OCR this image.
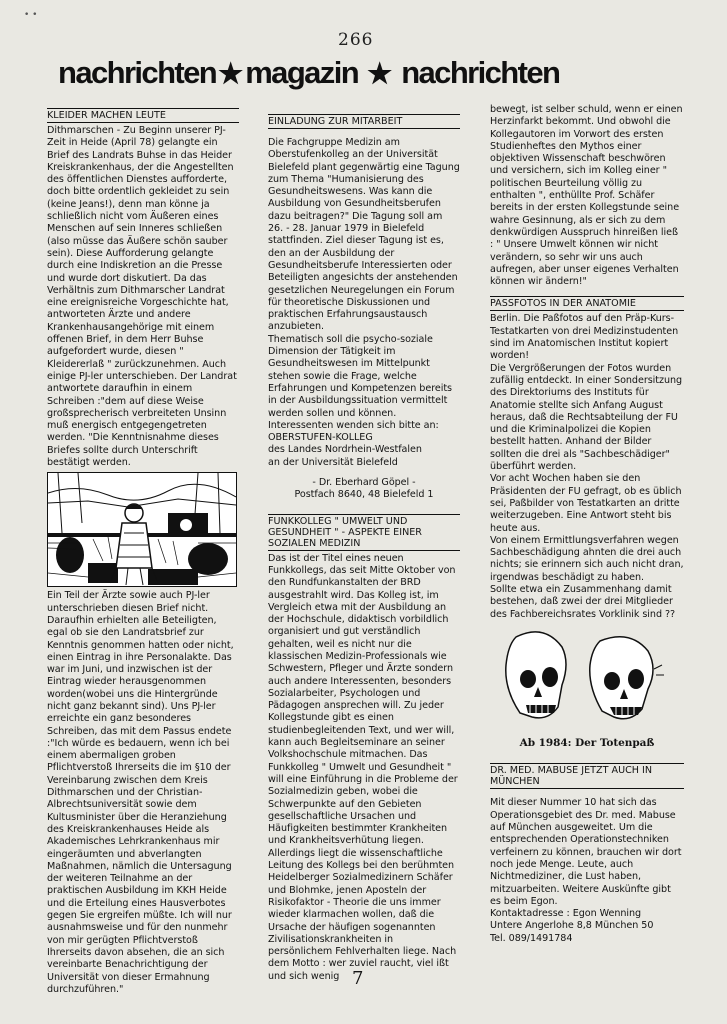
• •
266
nachrichten★magazin ★ nachrichten
KLEIDER MACHEN LEUTE
Dithmarschen - Zu Beginn unserer PJ- Zeit in Heide (April 78) gelangte ein Brief des Landrats Buhse in das Heider Kreiskrankenhaus, der die Angestellten des öffentlichen Dienstes aufforderte, doch bitte ordentlich gekleidet zu sein (keine Jeans!), denn man könne ja schließlich nicht vom Äußeren eines Menschen auf sein Inneres schließen (also müsse das Äußere schön sauber sein). Diese Aufforderung gelangte durch eine Indiskretion an die Presse und wurde dort diskutiert. Da das Verhältnis zum Dithmarscher Landrat eine ereignisreiche Vorgeschichte hat, antworteten Ärzte und andere Krankenhausangehörige mit einem offenen Brief, in dem Herr Buhse aufgefordert wurde, diesen " Kleidererlaß " zurückzunehmen. Auch einige PJ-ler unterschieben. Der Landrat antwortete daraufhin in einem Schreiben :"dem auf diese Weise großsprecherisch verbreiteten Unsinn muß energisch entgegengetreten werden. "Die Kenntnisnahme dieses Briefes sollte durch Unterschrift bestätigt werden.
Ein Teil der Ärzte sowie auch PJ-ler unterschrieben diesen Brief nicht. Daraufhin erhielten alle Beteiligten, egal ob sie den Landratsbrief zur Kenntnis genommen hatten oder nicht, einen Eintrag in ihre Personalakte. Das war im Juni, und inzwischen ist der Eintrag wieder herausgenommen worden(wobei uns die Hintergründe nicht ganz bekannt sind). Uns PJ-ler erreichte ein ganz besonderes Schreiben, das mit dem Passus endete :"Ich würde es bedauern, wenn ich bei einem abermaligen groben Pflichtverstoß Ihrerseits die im §10 der Vereinbarung zwischen dem Kreis Dithmarschen und der Christian-Albrechtsuniversität sowie dem Kultusminister über die Heranziehung des Kreiskrankenhauses Heide als Akademisches Lehrkrankenhaus mir eingeräumten und abverlangten Maßnahmen, nämlich die Untersagung der weiteren Teilnahme an der praktischen Ausbildung im KKH Heide und die Erteilung eines Hausverbotes gegen Sie ergreifen müßte. Ich will nur ausnahmsweise und für den nunmehr von mir gerügten Pflichtverstoß Ihrerseits davon absehen, die an sich vereinbarte Benachrichtigung der Universität von dieser Ermahnung durchzuführen."
EINLADUNG ZUR MITARBEIT
Die Fachgruppe Medizin am Oberstufenkolleg an der Universität Bielefeld plant gegenwärtig eine Tagung zum Thema "Humanisierung des Gesundheitswesens. Was kann die Ausbildung von Gesundheitsberufen dazu beitragen?" Die Tagung soll am 26. - 28. Januar 1979 in Bielefeld stattfinden. Ziel dieser Tagung ist es, den an der Ausbildung der Gesundheitsberufe Interessierten oder Beteiligten angesichts der anstehenden gesetzlichen Neuregelungen ein Forum für theoretische Diskussionen und praktischen Erfahrungsaustausch anzubieten.
Thematisch soll die psycho-soziale Dimension der Tätigkeit im Gesundheitswesen im Mittelpunkt stehen sowie die Frage, welche Erfahrungen und Kompetenzen bereits in der Ausbildungssituation vermittelt werden sollen und können.
Interessenten wenden sich bitte an:
OBERSTUFEN-KOLLEG
des Landes Nordrhein-Westfalen
an der Universität Bielefeld
- Dr. Eberhard Göpel -
Postfach 8640, 48 Bielefeld 1
FUNKKOLLEG " UMWELT UND GESUNDHEIT " - ASPEKTE EINER SOZIALEN MEDIZIN
Das ist der Titel eines neuen Funkkollegs, das seit Mitte Oktober von den Rundfunkanstalten der BRD ausgestrahlt wird. Das Kolleg ist, im Vergleich etwa mit der Ausbildung an der Hochschule, didaktisch vorbildlich organisiert und gut verständlich gehalten, weil es nicht nur die klassischen Medizin-Professionals wie Schwestern, Pfleger und Ärzte sondern auch andere Interessenten, besonders Sozialarbeiter, Psychologen und Pädagogen ansprechen will. Zu jeder Kollegstunde gibt es einen studienbegleitenden Text, und wer will, kann auch Begleitseminare an seiner Volkshochschule mitmachen. Das Funkkolleg " Umwelt und Gesundheit " will eine Einführung in die Probleme der Sozialmedizin geben, wobei die Schwerpunkte auf den Gebieten gesellschaftliche Ursachen und Häufigkeiten bestimmter Krankheiten und Krankheitsverhütung liegen. Allerdings liegt die wissenschaftliche Leitung des Kollegs bei den berühmten Heidelberger Sozialmedizinern Schäfer und Blohmke, jenen Aposteln der Risikofaktor - Theorie die uns immer wieder klarmachen wollen, daß die Ursache der häufigen sogenannten Zivilisationskrankheiten in persönlichem Fehlverhalten liege. Nach dem Motto : wer zuviel raucht, viel ißt und sich wenig
bewegt, ist selber schuld, wenn er einen Herzinfarkt bekommt. Und obwohl die Kollegautoren im Vorwort des ersten Studienheftes den Mythos einer objektiven Wissenschaft beschwören und versichern, sich im Kolleg einer " politischen Beurteilung völlig zu enthalten ", enthüllte Prof. Schäfer bereits in der ersten Kollegstunde seine wahre Gesinnung, als er sich zu dem denkwürdigen Ausspruch hinreißen ließ : " Unsere Umwelt können wir nicht verändern, so sehr wir uns auch aufregen, aber unser eigenes Verhalten können wir ändern!"
PASSFOTOS IN DER ANATOMIE
Berlin. Die Paßfotos auf den Präp-Kurs-Testatkarten von drei Medizinstudenten sind im Anatomischen Institut kopiert worden!
Die Vergrößerungen der Fotos wurden zufällig entdeckt. In einer Sondersitzung des Direktoriums des Instituts für Anatomie stellte sich Anfang August heraus, daß die Rechtsabteilung der FU und die Kriminalpolizei die Kopien bestellt hatten. Anhand der Bilder sollten die drei als "Sachbeschädiger" überführt werden.
Vor acht Wochen haben sie den Präsidenten der FU gefragt, ob es üblich sei, Paßbilder von Testatkarten an dritte weiterzugeben. Eine Antwort steht bis heute aus.
Von einem Ermittlungsverfahren wegen Sachbeschädigung ahnten die drei auch nichts; sie erinnern sich auch nicht dran, irgendwas beschädigt zu haben.
Sollte etwa ein Zusammenhang damit bestehen, daß zwei der drei Mitglieder des Fachbereichsrates Vorklinik sind ??
Ab 1984: Der Totenpaß
DR. MED. MABUSE JETZT AUCH IN MÜNCHEN
Mit dieser Nummer 10 hat sich das Operationsgebiet des Dr. med. Mabuse auf München ausgeweitet. Um die entsprechenden Operationstechniken verfeinern zu können, brauchen wir dort noch jede Menge. Leute, auch Nichtmediziner, die Lust haben, mitzuarbeiten. Weitere Auskünfte gibt es beim Egon.
Kontaktadresse : Egon Wenning
Untere Angerlohe 8,8 München 50
Tel. 089/1491784
7
